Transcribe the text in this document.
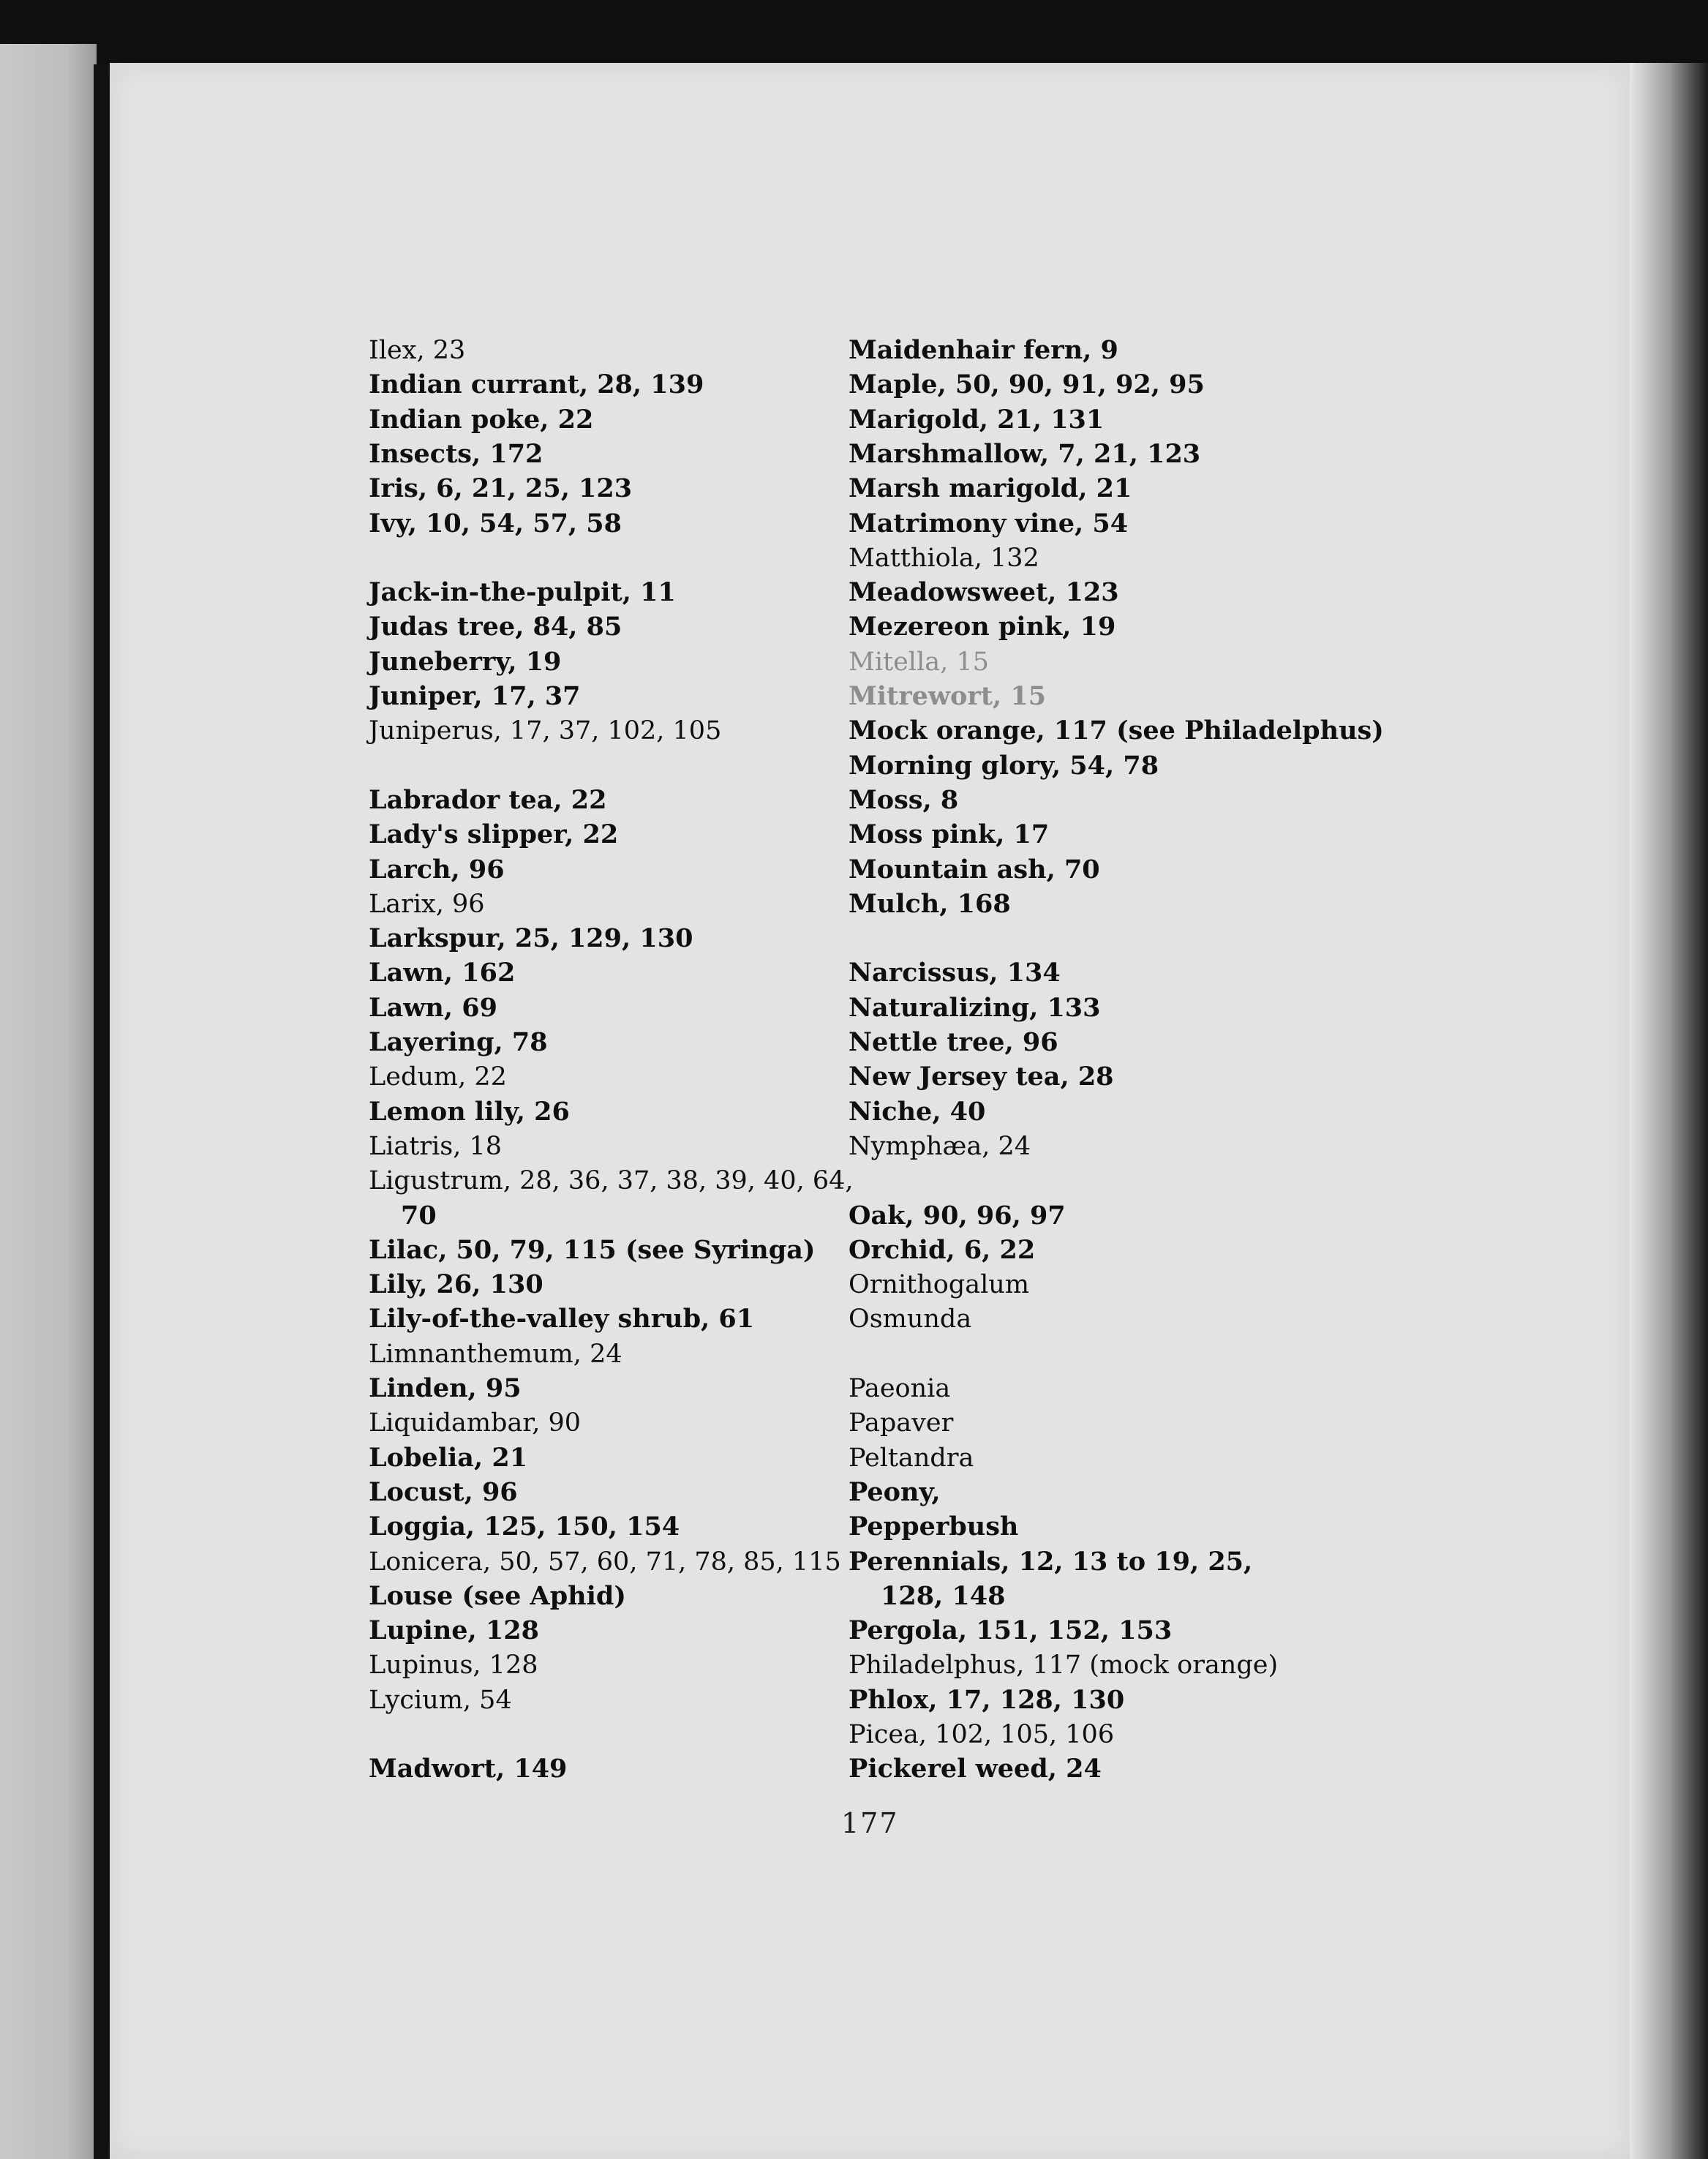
Ilex, 23
Indian currant, 28, 139
Indian poke, 22
Insects, 172
Iris, 6, 21, 25, 123
Ivy, 10, 54, 57, 58
Jack-in-the-pulpit, 11
Judas tree, 84, 85
Juneberry, 19
Juniper, 17, 37
Juniperus, 17, 37, 102, 105
Labrador tea, 22
Lady's slipper, 22
Larch, 96
Larix, 96
Larkspur, 25, 129, 130
Lawn, 162
Lawn, 69
Layering, 78
Ledum, 22
Lemon lily, 26
Liatris, 18
Ligustrum, 28, 36, 37, 38, 39, 40, 64,
70
Lilac, 50, 79, 115 (see Syringa)
Lily, 26, 130
Lily-of-the-valley shrub, 61
Limnanthemum, 24
Linden, 95
Liquidambar, 90
Lobelia, 21
Locust, 96
Loggia, 125, 150, 154
Lonicera, 50, 57, 60, 71, 78, 85, 115
Louse (see Aphid)
Lupine, 128
Lupinus, 128
Lycium, 54
Madwort, 149
Maidenhair fern, 9
Maple, 50, 90, 91, 92, 95
Marigold, 21, 131
Marshmallow, 7, 21, 123
Marsh marigold, 21
Matrimony vine, 54
Matthiola, 132
Meadowsweet, 123
Mezereon pink, 19
Mitella, 15
Mitrewort, 15
Mock orange, 117 (see Philadelphus)
Morning glory, 54, 78
Moss, 8
Moss pink, 17
Mountain ash, 70
Mulch, 168
Narcissus, 134
Naturalizing, 133
Nettle tree, 96
New Jersey tea, 28
Niche, 40
Nymphæa, 24
Oak, 90, 96, 97
Orchid, 6, 22
Ornithogalum
Osmunda
Paeonia
Papaver
Peltandra
Peony,
Pepperbush
Perennials, 12, 13 to 19, 25,
128, 148
Pergola, 151, 152, 153
Philadelphus, 117 (mock orange)
Phlox, 17, 128, 130
Picea, 102, 105, 106
Pickerel weed, 24
177
